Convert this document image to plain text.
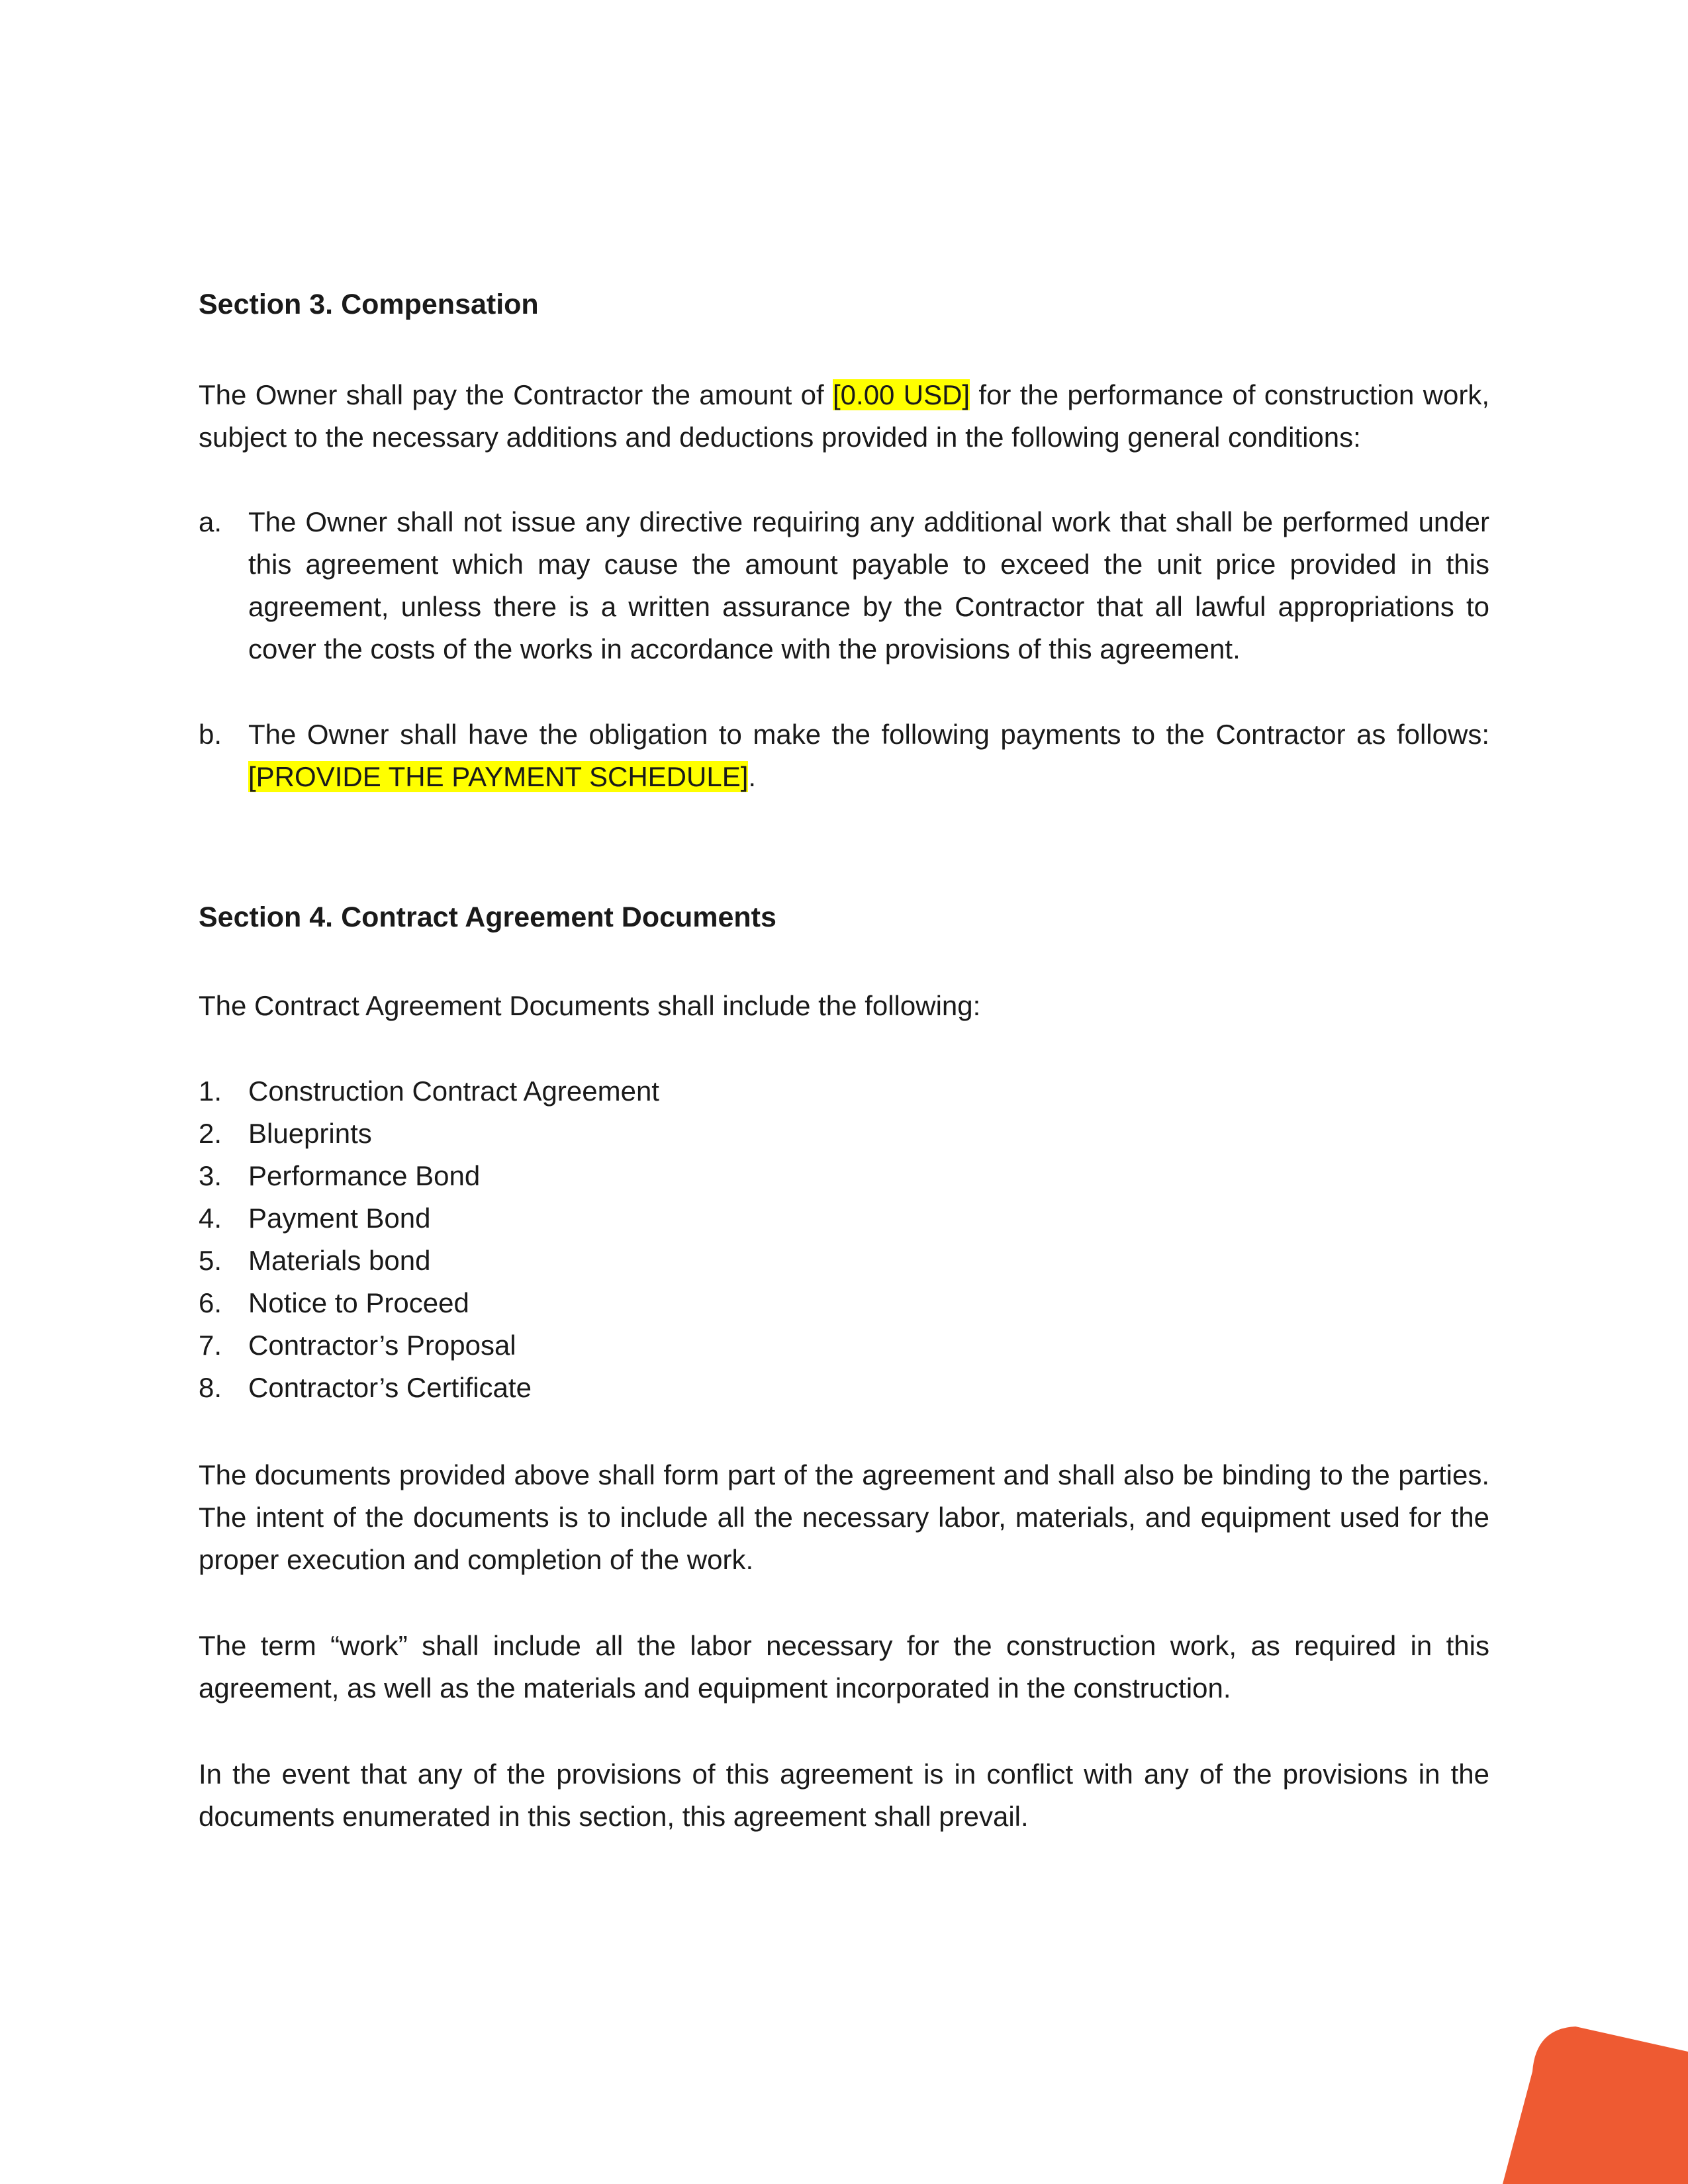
Section 3. Compensation
The Owner shall pay the Contractor the amount of [0.00 USD] for the performance of construction work, subject to the necessary additions and deductions provided in the following general conditions:
a. The Owner shall not issue any directive requiring any additional work that shall be performed under this agreement which may cause the amount payable to exceed the unit price provided in this agreement, unless there is a written assurance by the Contractor that all lawful appropriations to cover the costs of the works in accordance with the provisions of this agreement.
b. The Owner shall have the obligation to make the following payments to the Contractor as follows: [PROVIDE THE PAYMENT SCHEDULE].
Section 4. Contract Agreement Documents
The Contract Agreement Documents shall include the following:
1. Construction Contract Agreement
2. Blueprints
3. Performance Bond
4. Payment Bond
5. Materials bond
6. Notice to Proceed
7. Contractor’s Proposal
8. Contractor’s Certificate
The documents provided above shall form part of the agreement and shall also be binding to the parties. The intent of the documents is to include all the necessary labor, materials, and equipment used for the proper execution and completion of the work.
The term “work” shall include all the labor necessary for the construction work, as required in this agreement, as well as the materials and equipment incorporated in the construction.
In the event that any of the provisions of this agreement is in conflict with any of the provisions in the documents enumerated in this section, this agreement shall prevail.
